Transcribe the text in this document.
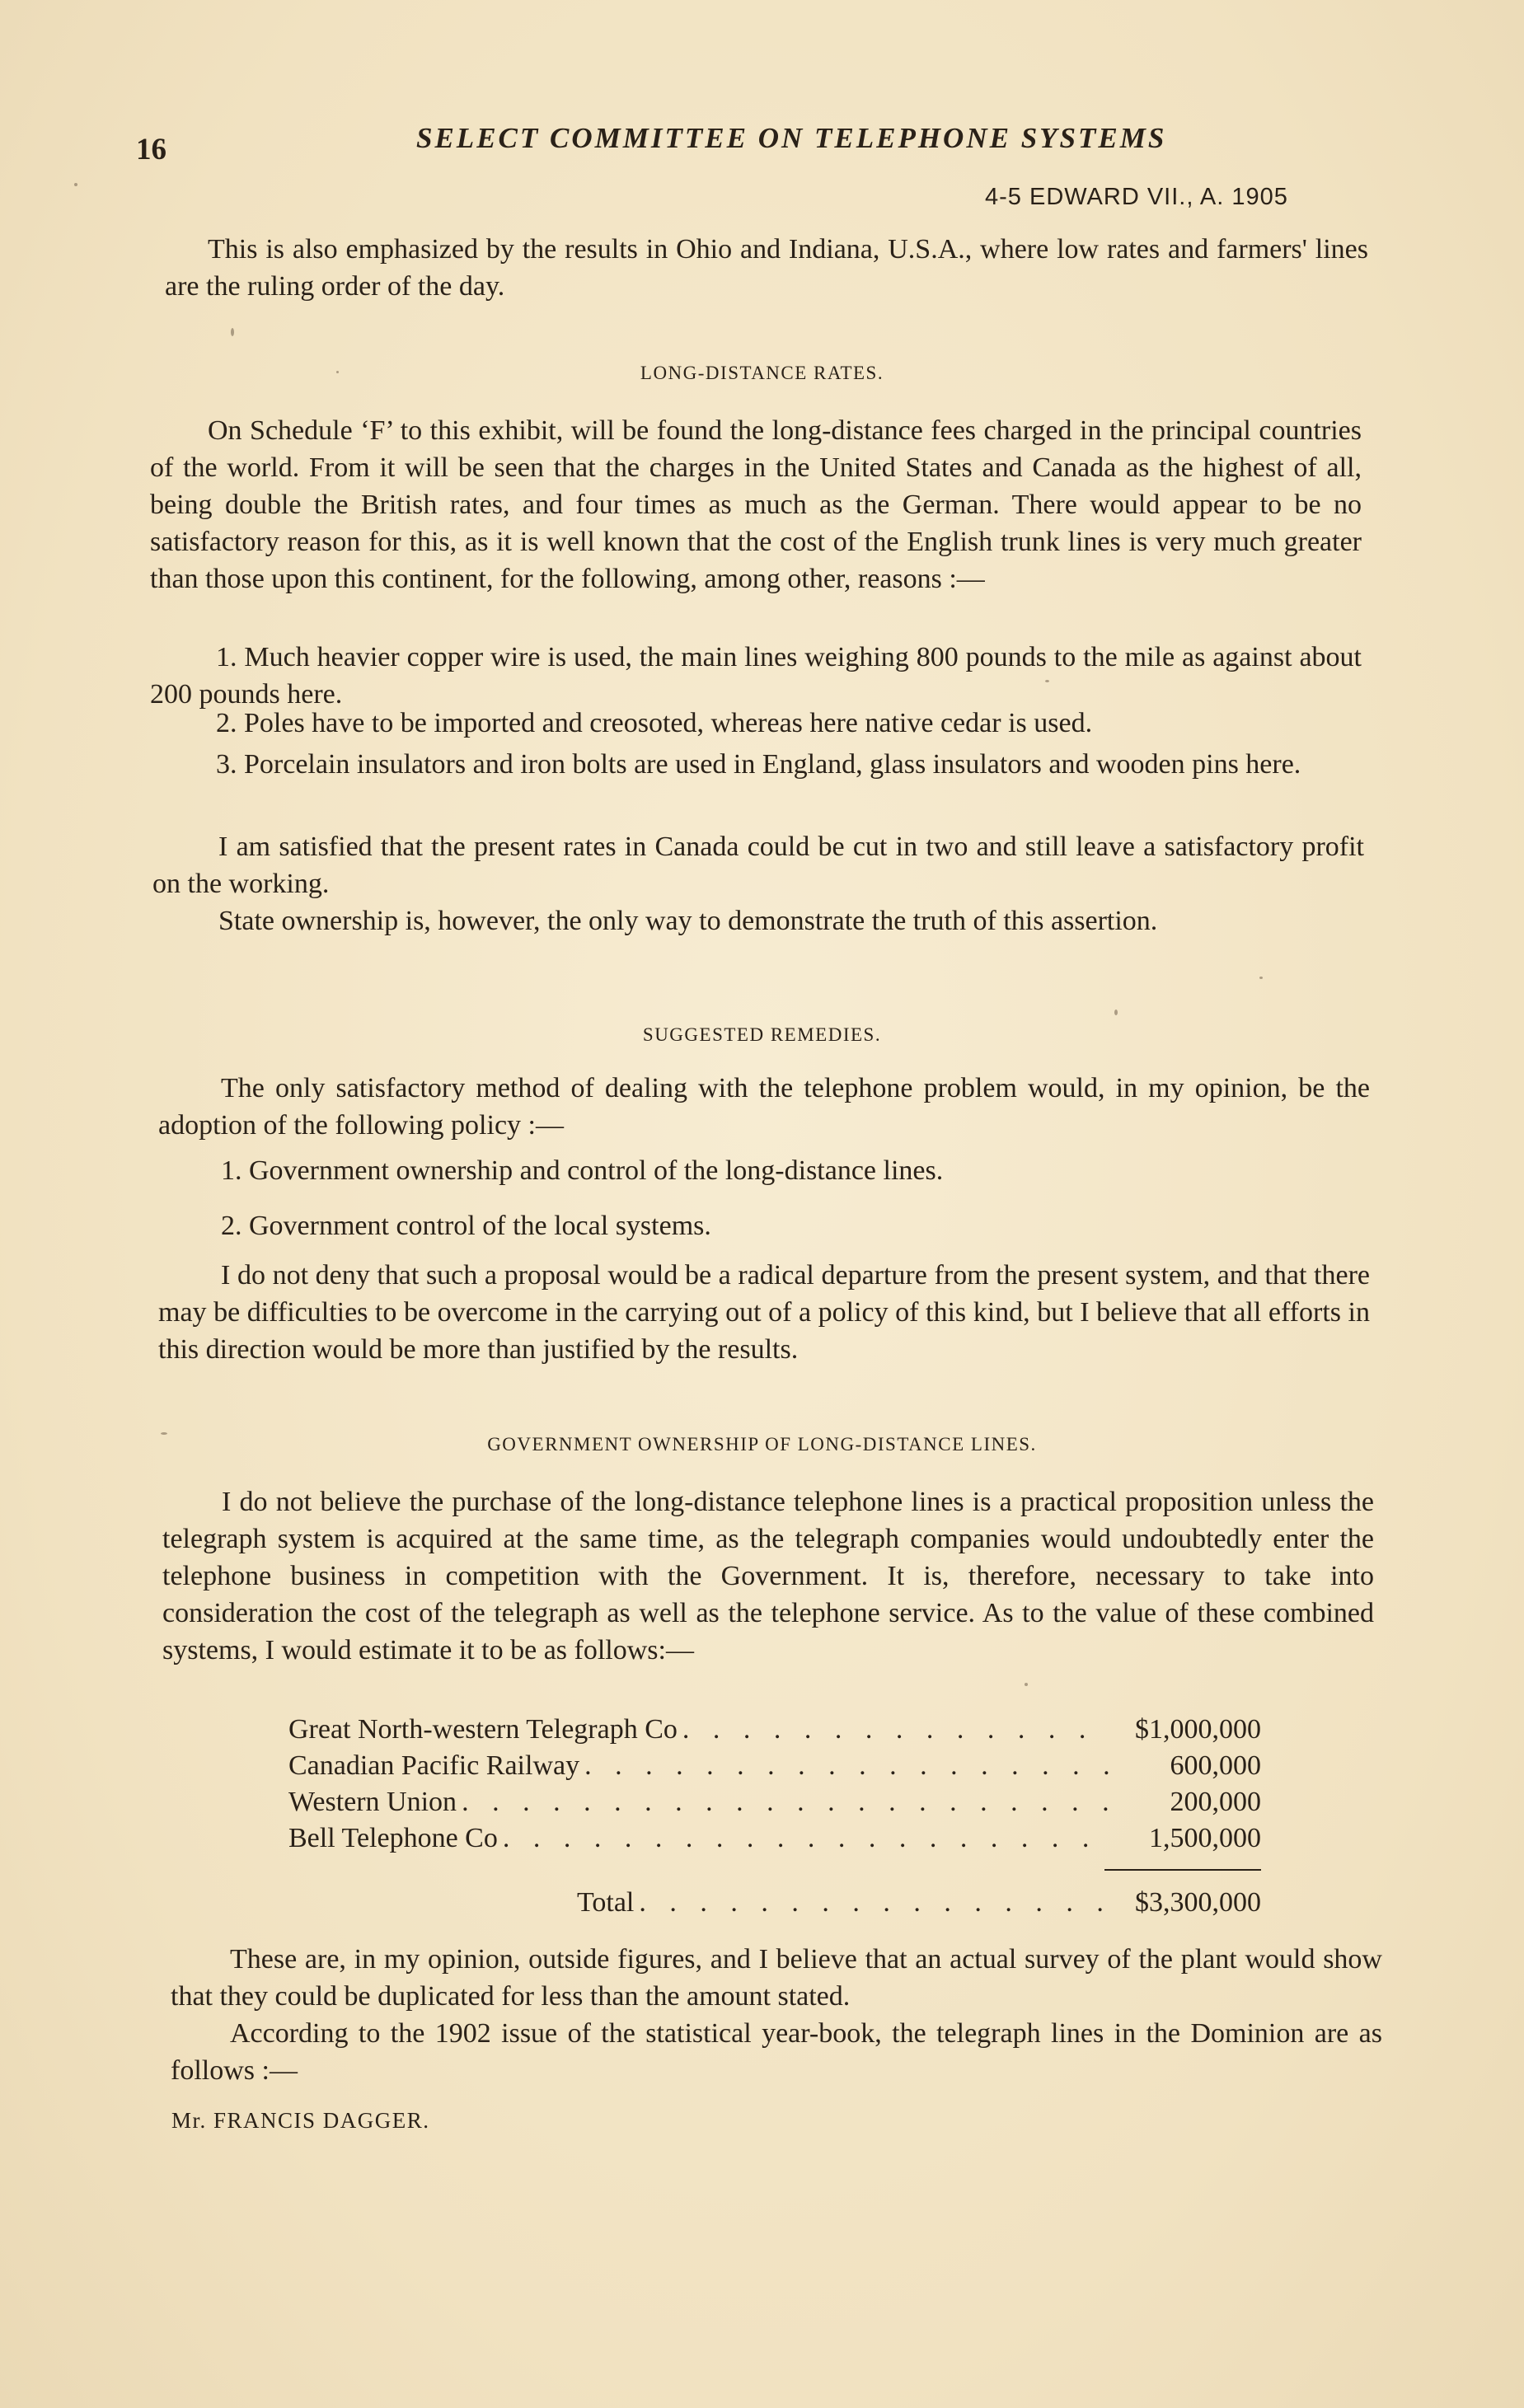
16	SELECT COMMITTEE ON TELEPHONE SYSTEMS
4-5 EDWARD VII., A. 1905
This is also emphasized by the results in Ohio and Indiana, U.S.A., where low rates and farmers' lines are the ruling order of the day.
LONG-DISTANCE RATES.
On Schedule ‘F’ to this exhibit, will be found the long-distance fees charged in the principal countries of the world. From it will be seen that the charges in the United States and Canada as the highest of all, being double the British rates, and four times as much as the German. There would appear to be no satisfactory reason for this, as it is well known that the cost of the English trunk lines is very much greater than those upon this continent, for the following, among other, reasons :—
1. Much heavier copper wire is used, the main lines weighing 800 pounds to the mile as against about 200 pounds here.
2. Poles have to be imported and creosoted, whereas here native cedar is used.
3. Porcelain insulators and iron bolts are used in England, glass insulators and wooden pins here.
I am satisfied that the present rates in Canada could be cut in two and still leave a satisfactory profit on the working.
State ownership is, however, the only way to demonstrate the truth of this assertion.
SUGGESTED REMEDIES.
The only satisfactory method of dealing with the telephone problem would, in my opinion, be the adoption of the following policy :—
1. Government ownership and control of the long-distance lines.
2. Government control of the local systems.
I do not deny that such a proposal would be a radical departure from the present system, and that there may be difficulties to be overcome in the carrying out of a policy of this kind, but I believe that all efforts in this direction would be more than justified by the results.
GOVERNMENT OWNERSHIP OF LONG-DISTANCE LINES.
I do not believe the purchase of the long-distance telephone lines is a practical proposition unless the telegraph system is acquired at the same time, as the telegraph companies would undoubtedly enter the telephone business in competition with the Government. It is, therefore, necessary to take into consideration the cost of the telegraph as well as the telephone service. As to the value of these combined systems, I would estimate it to be as follows:—
Great North-western Telegraph Co . . .	$1,000,000
Canadian Pacific Railway . . .	600,000
Western Union . . .	200,000
Bell Telephone Co . . .	1,500,000
Total . . .	$3,300,000
These are, in my opinion, outside figures, and I believe that an actual survey of the plant would show that they could be duplicated for less than the amount stated.
According to the 1902 issue of the statistical year-book, the telegraph lines in the Dominion are as follows :—
Mr. FRANCIS DAGGER.
